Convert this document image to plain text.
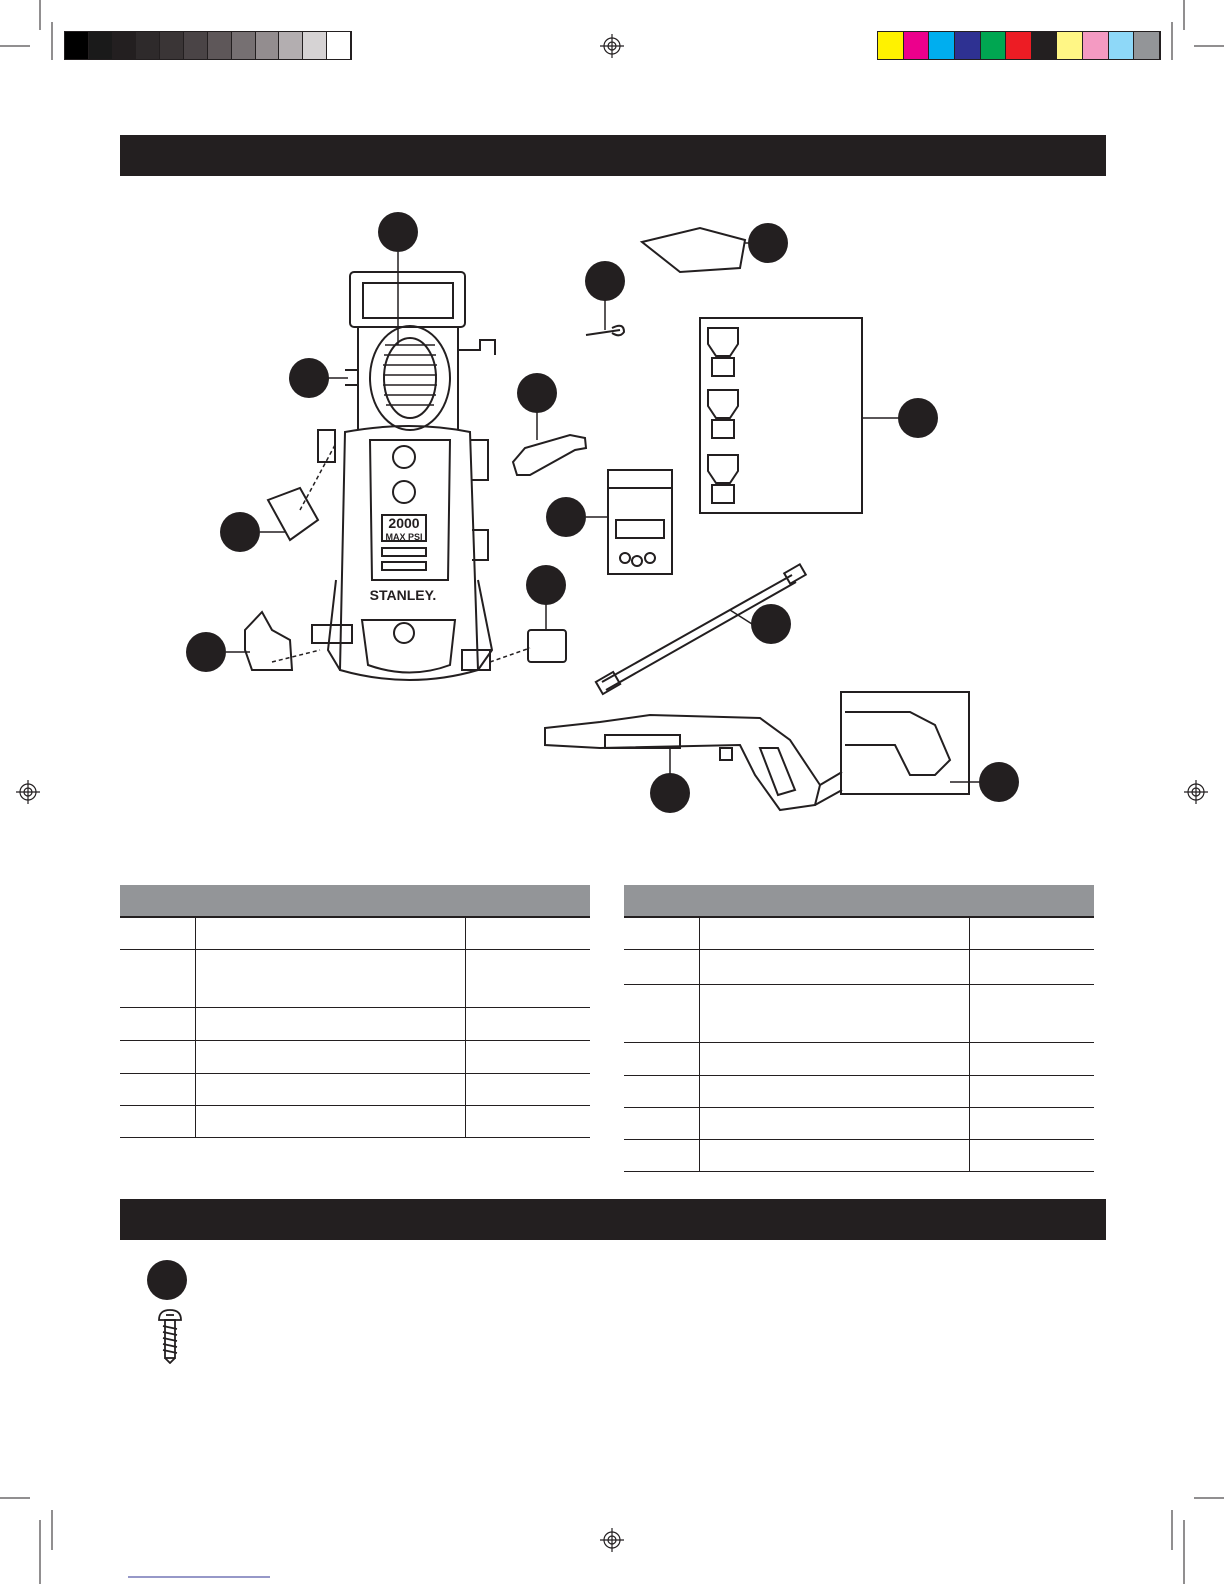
2000
MAX PSI
STANLEY.
